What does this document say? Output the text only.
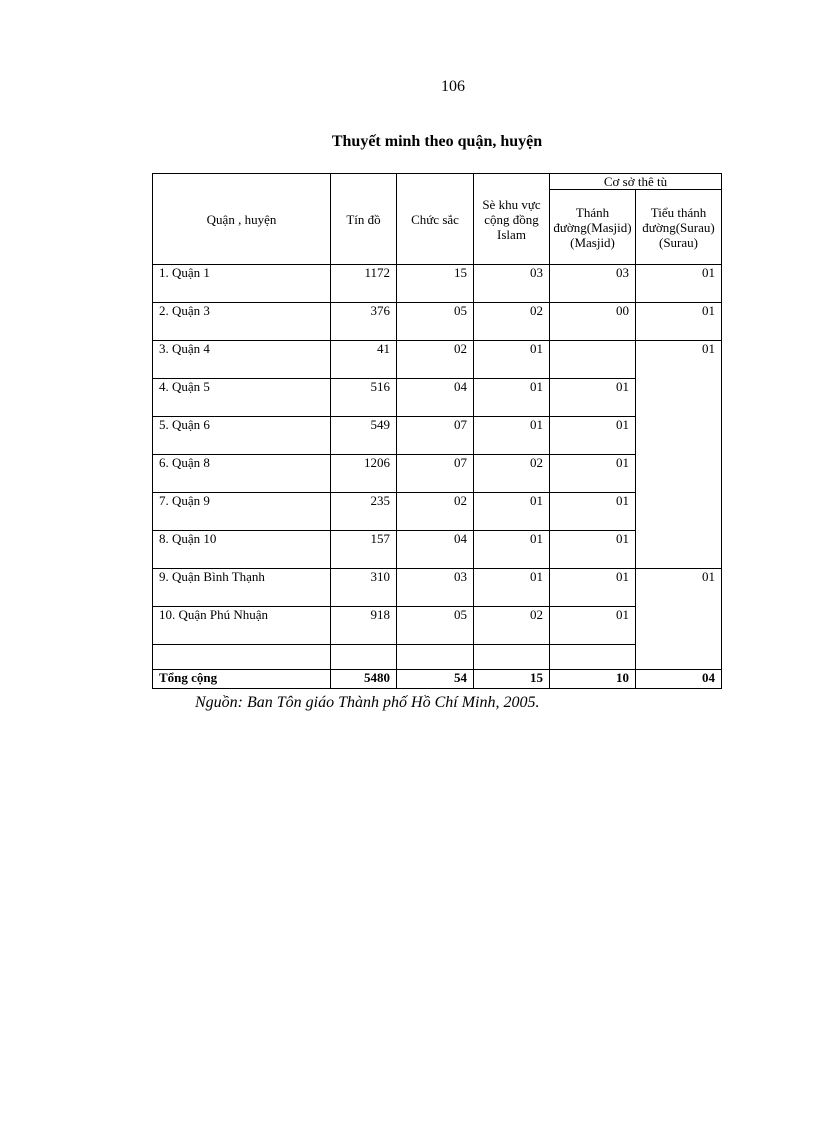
106
Thuyết minh theo quận, huyện
Quận , huyện	Tín đồ	Chức sắc	Sè khu vực cộng đồng Islam	Cơ sở thê tù	
				Thánh đường(Masjid) (Masjid)	Tiểu thánh đường(Surau) (Surau)
1. Quận 1	1172	15	03	03	01
2. Quận 3	376	05	02	00	01
3. Quận 4	41	02	01		01
4. Quận 5	516	04	01	01	
5. Quận 6	549	07	01	01	
6. Quận 8	1206	07	02	01	
7. Quận 9	235	02	01	01	
8. Quận 10	157	04	01	01	
9. Quận Bình Thạnh	310	03	01	01	01
10. Quận Phú Nhuận	918	05	02	01	

Tổng cộng	5480	54	15	10	04
Nguồn: Ban Tôn giáo Thành phố Hồ Chí Minh, 2005.
